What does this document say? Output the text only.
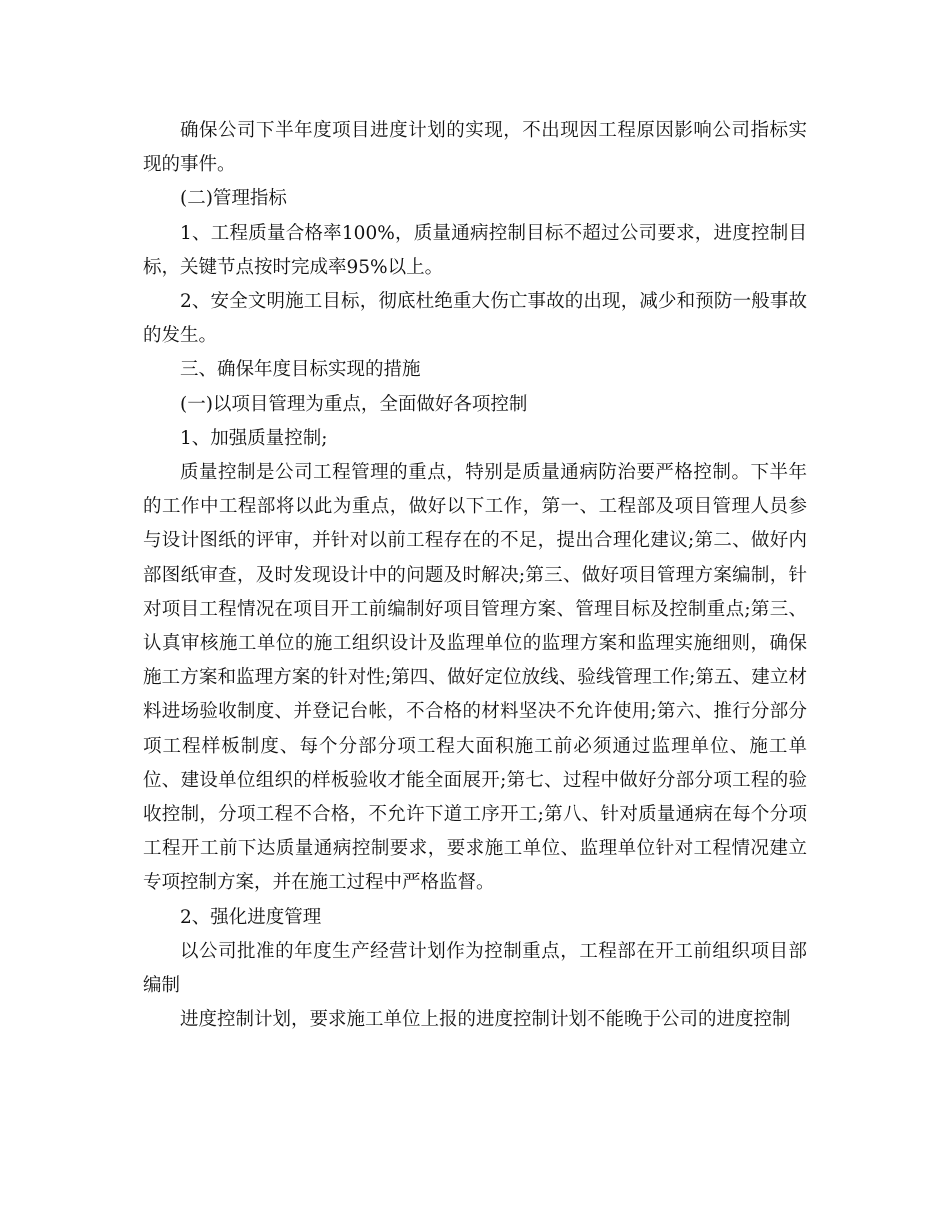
确保公司下半年度项目进度计划的实现，不出现因工程原因影响公司指标实现的事件。

(二)管理指标

1、工程质量合格率100%，质量通病控制目标不超过公司要求，进度控制目标，关键节点按时完成率95%以上。

2、安全文明施工目标，彻底杜绝重大伤亡事故的出现，减少和预防一般事故的发生。

三、确保年度目标实现的措施

(一)以项目管理为重点，全面做好各项控制

1、加强质量控制;

质量控制是公司工程管理的重点，特别是质量通病防治要严格控制。下半年的工作中工程部将以此为重点，做好以下工作，第一、工程部及项目管理人员参与设计图纸的评审，并针对以前工程存在的不足，提出合理化建议;第二、做好内部图纸审查，及时发现设计中的问题及时解决;第三、做好项目管理方案编制，针对项目工程情况在项目开工前编制好项目管理方案、管理目标及控制重点;第三、认真审核施工单位的施工组织设计及监理单位的监理方案和监理实施细则，确保施工方案和监理方案的针对性;第四、做好定位放线、验线管理工作;第五、建立材料进场验收制度、并登记台帐，不合格的材料坚决不允许使用;第六、推行分部分项工程样板制度、每个分部分项工程大面积施工前必须通过监理单位、施工单位、建设单位组织的样板验收才能全面展开;第七、过程中做好分部分项工程的验收控制，分项工程不合格，不允许下道工序开工;第八、针对质量通病在每个分项工程开工前下达质量通病控制要求，要求施工单位、监理单位针对工程情况建立专项控制方案，并在施工过程中严格监督。

2、强化进度管理

以公司批准的年度生产经营计划作为控制重点，工程部在开工前组织项目部编制

进度控制计划，要求施工单位上报的进度控制计划不能晚于公司的进度控制
